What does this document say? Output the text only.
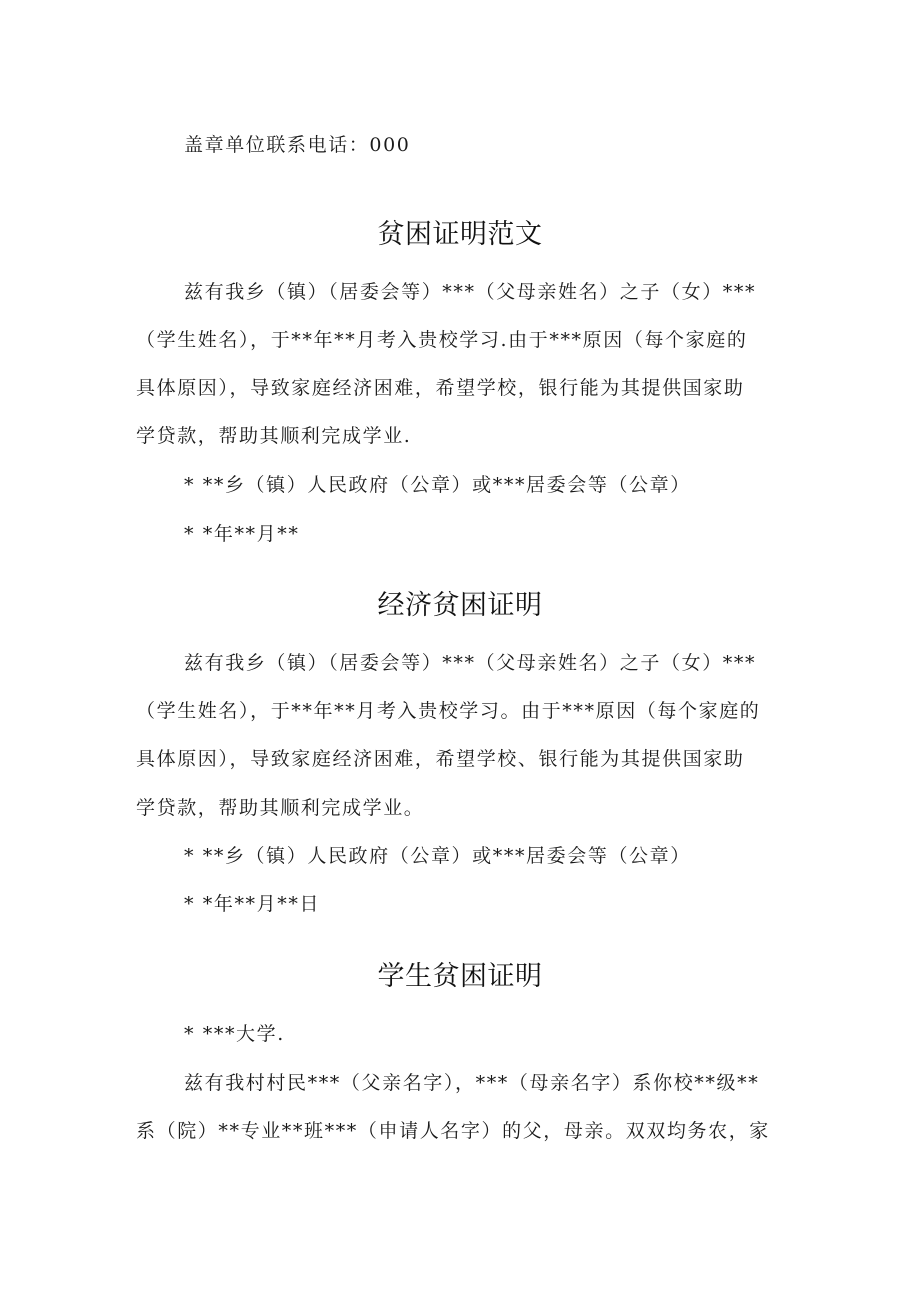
盖章单位联系电话：000
贫困证明范文
兹有我乡（镇）（居委会等）***（父母亲姓名）之子（女）***
（学生姓名），于**年**月考入贵校学习.由于***原因（每个家庭的
具体原因），导致家庭经济困难，希望学校，银行能为其提供国家助
学贷款，帮助其顺利完成学业.
* **乡（镇）人民政府（公章）或***居委会等（公章）
* *年**月**
经济贫困证明
兹有我乡（镇）（居委会等）***（父母亲姓名）之子（女）***
（学生姓名），于**年**月考入贵校学习。由于***原因（每个家庭的
具体原因），导致家庭经济困难，希望学校、银行能为其提供国家助
学贷款，帮助其顺利完成学业。
* **乡（镇）人民政府（公章）或***居委会等（公章）
* *年**月**日
学生贫困证明
* ***大学.
兹有我村村民***（父亲名字），***（母亲名字）系你校**级**
系（院）**专业**班***（申请人名字）的父，母亲。双双均务农，家
